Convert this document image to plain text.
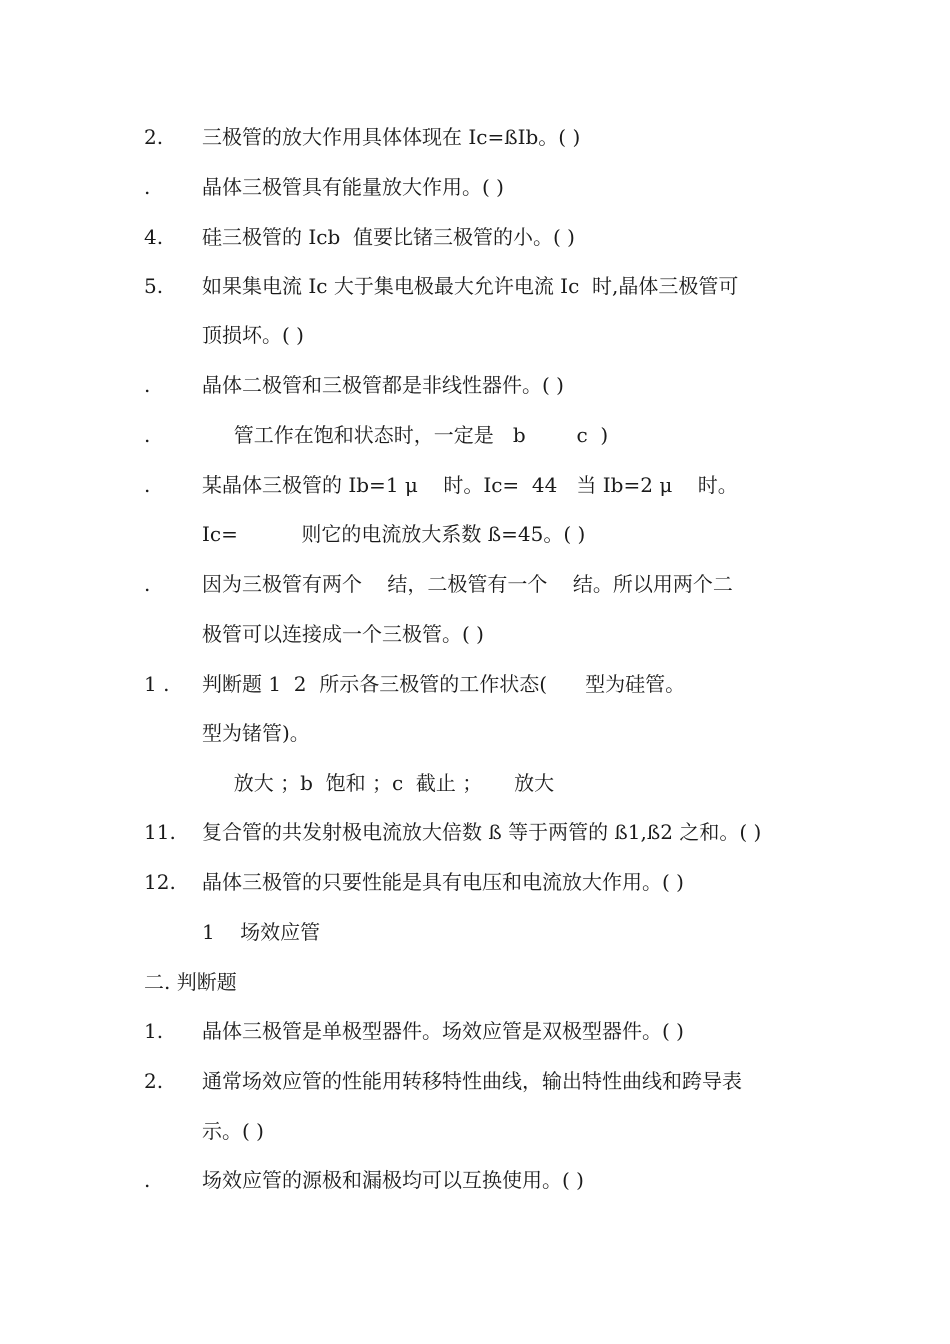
2. 三极管的放大作用具体体现在 Ic=ßIb。( )
.	晶体三极管具有能量放大作用。( )
4. 硅三极管的 Icb  值要比锗三极管的小。( )
5. 如果集电流 Ic 大于集电极最大允许电流 Ic  时,晶体三极管可
顶损坏。( )
.	晶体二极管和三极管都是非线性器件。( )
.	管工作在饱和状态时，一定是   b        c  )
.	某晶体三极管的 Ib=1 μ    时。Ic=  44   当 Ib=2 μ    时。
Ic=          则它的电流放大系数 ß=45。( )
.	因为三极管有两个    结，二极管有一个    结。所以用两个二
极管可以连接成一个三极管。( )
1 . 判断题 1  2  所示各三极管的工作状态(      型为硅管。
型为锗管)。
放大 ；b  饱和 ；c  截止 ；     放大
11. 复合管的共发射极电流放大倍数 ß 等于两管的 ß1,ß2 之和。( )
12. 晶体三极管的只要性能是具有电压和电流放大作用。( )
1    场效应管
二. 判断题
1. 晶体三极管是单极型器件。场效应管是双极型器件。( )
2. 通常场效应管的性能用转移特性曲线，输出特性曲线和跨导表
示。( )
.	场效应管的源极和漏极均可以互换使用。( )
